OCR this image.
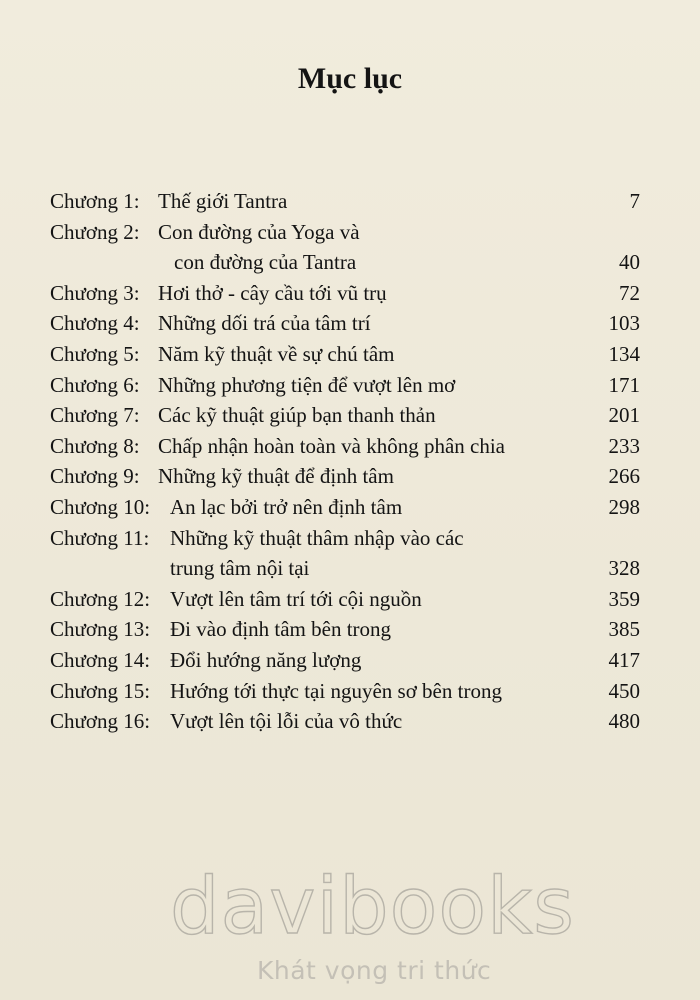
Mục lục
Chương 1: Thế giới Tantra	7
Chương 2: Con đường của Yoga và
con đường của Tantra	40
Chương 3: Hơi thở - cây cầu tới vũ trụ	72
Chương 4: Những dối trá của tâm trí	103
Chương 5: Năm kỹ thuật về sự chú tâm	134
Chương 6: Những phương tiện để vượt lên mơ	171
Chương 7: Các kỹ thuật giúp bạn thanh thản	201
Chương 8: Chấp nhận hoàn toàn và không phân chia	233
Chương 9: Những kỹ thuật để định tâm	266
Chương 10: An lạc bởi trở nên định tâm	298
Chương 11: Những kỹ thuật thâm nhập vào các
trung tâm nội tại	328
Chương 12: Vượt lên tâm trí tới cội nguồn	359
Chương 13: Đi vào định tâm bên trong	385
Chương 14: Đổi hướng năng lượng	417
Chương 15: Hướng tới thực tại nguyên sơ bên trong	450
Chương 16: Vượt lên tội lỗi của vô thức	480
davibooks
Khát vọng tri thức
